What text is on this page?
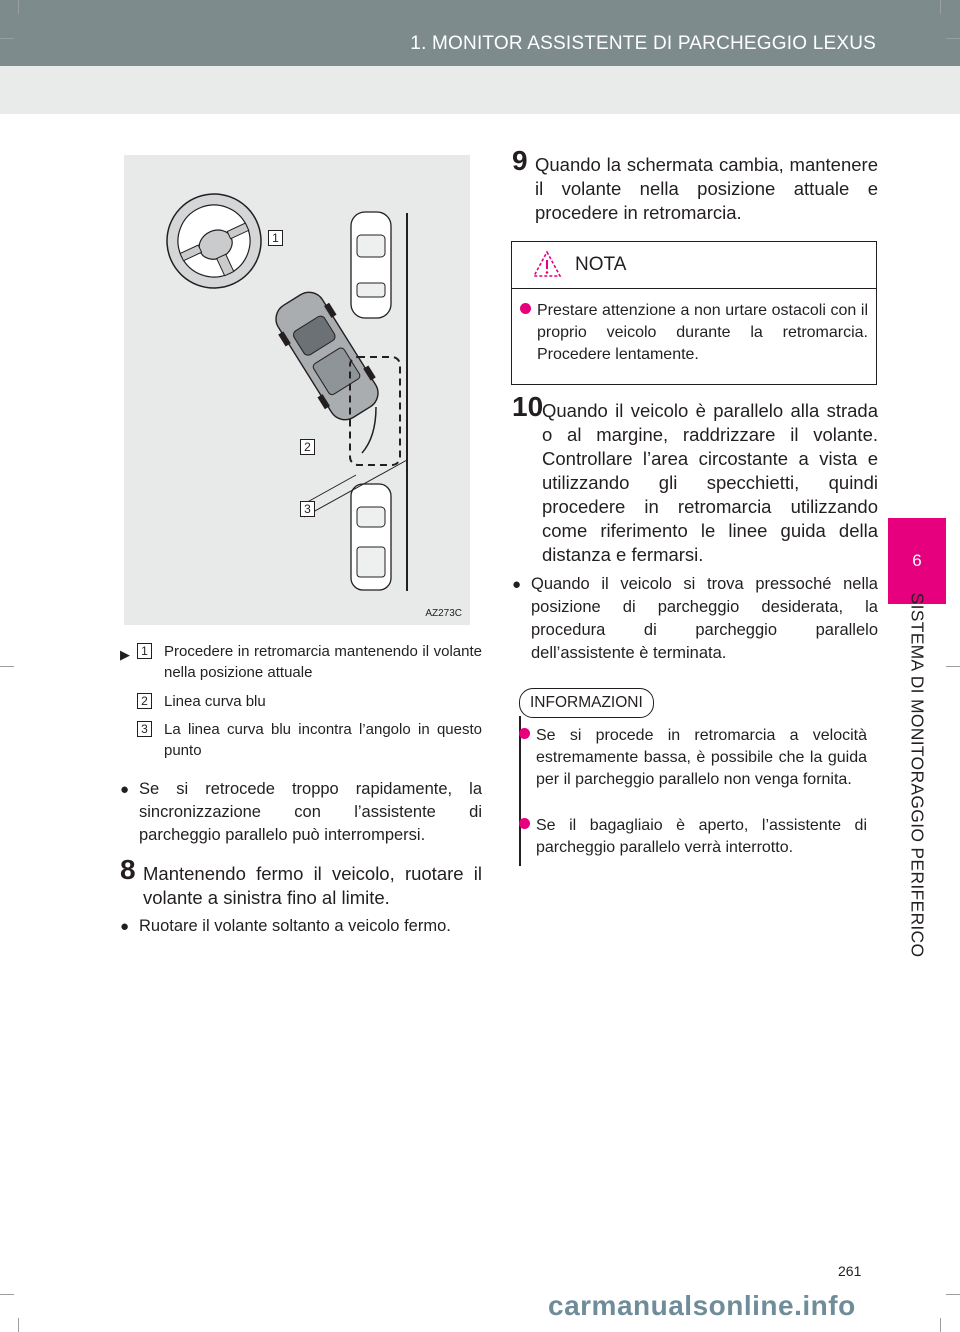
1. MONITOR ASSISTENTE DI PARCHEGGIO LEXUS
6
SISTEMA DI MONITORAGGIO PERIFERICO
1
2
3
AZ273C
▶ 1 Procedere in retromarcia mantenendo il volante nella posizione attuale
2 Linea curva blu
3 La linea curva blu incontra l’angolo in questo punto
● Se si retrocede troppo rapidamente, la sincronizzazione con l’assistente di parcheggio parallelo può interrompersi.
8 Mantenendo fermo il veicolo, ruotare il volante a sinistra fino al limite.
● Ruotare il volante soltanto a veicolo fermo.
9 Quando la schermata cambia, mantenere il volante nella posizione attuale e procedere in retromarcia.
NOTA
Prestare attenzione a non urtare ostacoli con il proprio veicolo durante la retromarcia. Procedere lentamente.
10
Quando il veicolo è parallelo alla strada o al margine, raddrizzare il volante. Controllare l’area circostante a vista e utilizzando gli specchietti, quindi procedere in retromarcia utilizzando come riferimento le linee guida della distanza e fermarsi.
● Quando il veicolo si trova pressoché nella posizione di parcheggio desiderata, la procedura di parcheggio parallelo dell’assistente è terminata.
INFORMAZIONI
Se si procede in retromarcia a velocità estremamente bassa, è possibile che la guida per il parcheggio parallelo non venga fornita.
Se il bagagliaio è aperto, l’assistente di parcheggio parallelo verrà interrotto.
261
carmanualsonline.info
